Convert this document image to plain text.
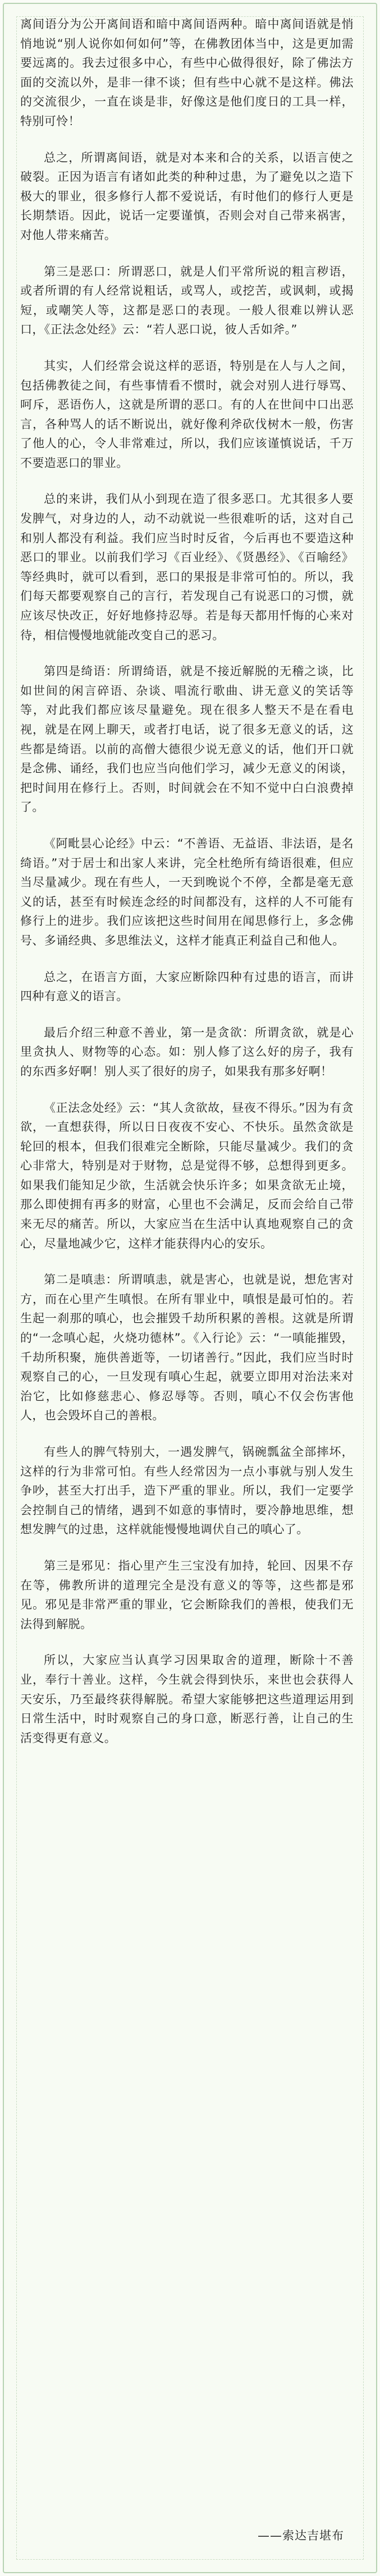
离间语分为公开离间语和暗中离间语两种。暗中离间语就是悄悄地说“别人说你如何如何”等，在佛教团体当中，这是更加需要远离的。我去过很多中心，有些中心做得很好，除了佛法方面的交流以外，是非一律不谈；但有些中心就不是这样。佛法的交流很少，一直在谈是非，好像这是他们度日的工具一样，特别可怜！

总之，所谓离间语，就是对本来和合的关系，以语言使之破裂。正因为语言有诸如此类的种种过患，为了避免以之造下极大的罪业，很多修行人都不爱说话，有时他们的修行人更是长期禁语。因此，说话一定要谨慎，否则会对自己带来祸害，对他人带来痛苦。

第三是恶口：所谓恶口，就是人们平常所说的粗言秽语，或者所谓的有人经常说粗话，或骂人，或挖苦，或讽刺，或揭短，或嘲笑人等，这都是恶口的表现。一般人很难以辨认恶口，《正法念处经》云：“若人恶口说，彼人舌如斧。”

其实，人们经常会说这样的恶语，特别是在人与人之间，包括佛教徒之间，有些事情看不惯时，就会对别人进行辱骂、呵斥，恶语伤人，这就是所谓的恶口。有的人在世间中口出恶言，各种骂人的话不断说出，就好像利斧砍伐树木一般，伤害了他人的心，令人非常难过，所以，我们应该谨慎说话，千万不要造恶口的罪业。

总的来讲，我们从小到现在造了很多恶口。尤其很多人要发脾气，对身边的人，动不动就说一些很难听的话，这对自己和别人都没有利益。我们应当时时反省，今后再也不要造这种恶口的罪业。以前我们学习《百业经》、《贤愚经》、《百喻经》等经典时，就可以看到，恶口的果报是非常可怕的。所以，我们每天都要观察自己的言行，若发现自己有说恶口的习惯，就应该尽快改正，好好地修持忍辱。若是每天都用忏悔的心来对待，相信慢慢地就能改变自己的恶习。

第四是绮语：所谓绮语，就是不接近解脱的无稽之谈，比如世间的闲言碎语、杂谈、唱流行歌曲、讲无意义的笑话等等，对此我们都应该尽量避免。现在很多人整天不是在看电视，就是在网上聊天，或者打电话，说了很多无意义的话，这些都是绮语。以前的高僧大德很少说无意义的话，他们开口就是念佛、诵经，我们也应当向他们学习，减少无意义的闲谈，把时间用在修行上。否则，时间就会在不知不觉中白白浪费掉了。

《阿毗昙心论经》中云：“不善语、无益语、非法语，是名绮语。”对于居士和出家人来讲，完全杜绝所有绮语很难，但应当尽量减少。现在有些人，一天到晚说个不停，全都是毫无意义的话，甚至有时候连念经的时间都没有，这样的人不可能有修行上的进步。我们应该把这些时间用在闻思修行上，多念佛号、多诵经典、多思维法义，这样才能真正利益自己和他人。

总之，在语言方面，大家应断除四种有过患的语言，而讲四种有意义的语言。

最后介绍三种意不善业，第一是贪欲：所谓贪欲，就是心里贪执人、财物等的心态。如：别人修了这么好的房子，我有的东西多好啊！别人买了很好的房子，如果我有那多好啊！

《正法念处经》云：“其人贪欲故，昼夜不得乐。”因为有贪欲，一直想获得，所以日日夜夜不安心、不快乐。虽然贪欲是轮回的根本，但我们很难完全断除，只能尽量减少。我们的贪心非常大，特别是对于财物，总是觉得不够，总想得到更多。如果我们能知足少欲，生活就会快乐许多；如果贪欲无止境，那么即使拥有再多的财富，心里也不会满足，反而会给自己带来无尽的痛苦。所以，大家应当在生活中认真地观察自己的贪心，尽量地减少它，这样才能获得内心的安乐。

第二是嗔恚：所谓嗔恚，就是害心，也就是说，想危害对方，而在心里产生嗔恨。在所有罪业中，嗔恨是最可怕的。若生起一刹那的嗔心，也会摧毁千劫所积累的善根。这就是所谓的“一念嗔心起，火烧功德林”。《入行论》云：“一嗔能摧毁，千劫所积聚，施供善逝等，一切诸善行。”因此，我们应当时时观察自己的心，一旦发现有嗔心生起，就要立即用对治法来对治它，比如修慈悲心、修忍辱等。否则，嗔心不仅会伤害他人，也会毁坏自己的善根。

有些人的脾气特别大，一遇发脾气，锅碗瓢盆全部摔坏，这样的行为非常可怕。有些人经常因为一点小事就与别人发生争吵，甚至大打出手，造下严重的罪业。所以，我们一定要学会控制自己的情绪，遇到不如意的事情时，要冷静地思维，想想发脾气的过患，这样就能慢慢地调伏自己的嗔心了。

第三是邪见：指心里产生三宝没有加持，轮回、因果不存在等，佛教所讲的道理完全是没有意义的等等，这些都是邪见。邪见是非常严重的罪业，它会断除我们的善根，使我们无法得到解脱。

所以，大家应当认真学习因果取舍的道理，断除十不善业，奉行十善业。这样，今生就会得到快乐，来世也会获得人天安乐，乃至最终获得解脱。希望大家能够把这些道理运用到日常生活中，时时观察自己的身口意，断恶行善，让自己的生活变得更有意义。

——索达吉堪布
